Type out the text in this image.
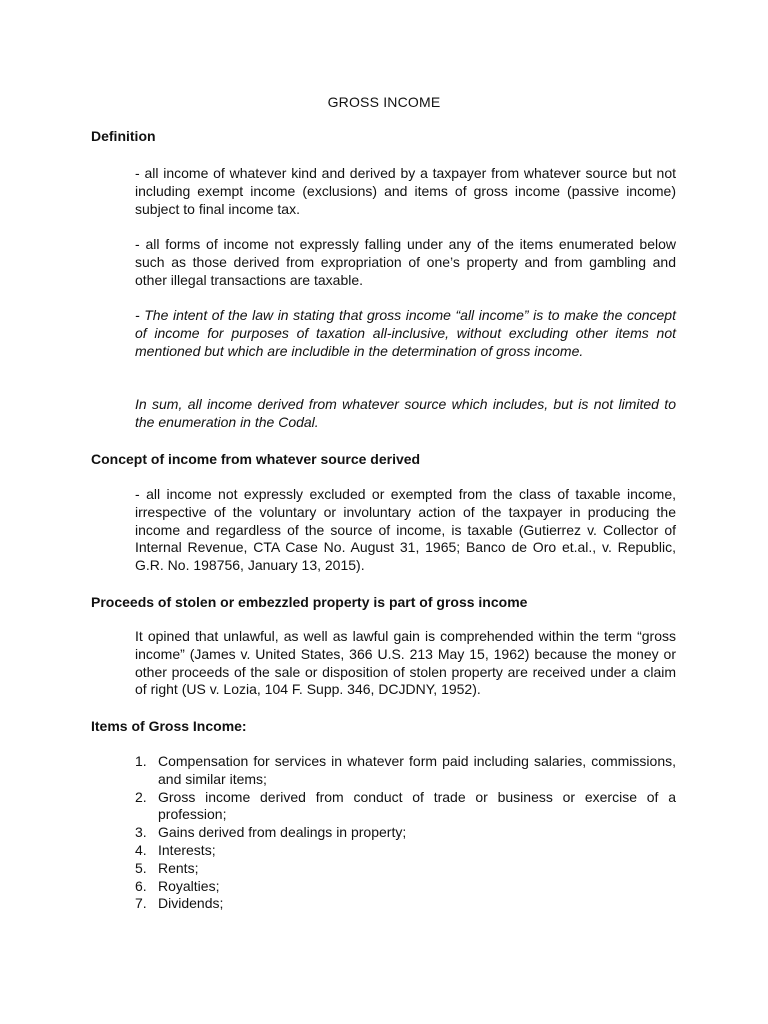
GROSS INCOME
Definition

- all income of whatever kind and derived by a taxpayer from whatever source but not including exempt income (exclusions) and items of gross income (passive income) subject to final income tax.

- all forms of income not expressly falling under any of the items enumerated below such as those derived from expropriation of one’s property and from gambling and other illegal transactions are taxable.

- The intent of the law in stating that gross income “all income” is to make the concept of income for purposes of taxation all-inclusive, without excluding other items not mentioned but which are includible in the determination of gross income.

In sum, all income derived from whatever source which includes, but is not limited to the enumeration in the Codal.

Concept of income from whatever source derived

- all income not expressly excluded or exempted from the class of taxable income, irrespective of the voluntary or involuntary action of the taxpayer in producing the income and regardless of the source of income, is taxable (Gutierrez v. Collector of Internal Revenue, CTA Case No. August 31, 1965; Banco de Oro et.al., v. Republic, G.R. No. 198756, January 13, 2015).

Proceeds of stolen or embezzled property is part of gross income

It opined that unlawful, as well as lawful gain is comprehended within the term “gross income” (James v. United States, 366 U.S. 213 May 15, 1962) because the money or other proceeds of the sale or disposition of stolen property are received under a claim of right (US v. Lozia, 104 F. Supp. 346, DCJDNY, 1952).

Items of Gross Income:
1. Compensation for services in whatever form paid including salaries, commissions, and similar items;
2. Gross income derived from conduct of trade or business or exercise of a profession;
3. Gains derived from dealings in property;
4. Interests;
5. Rents;
6. Royalties;
7. Dividends;
